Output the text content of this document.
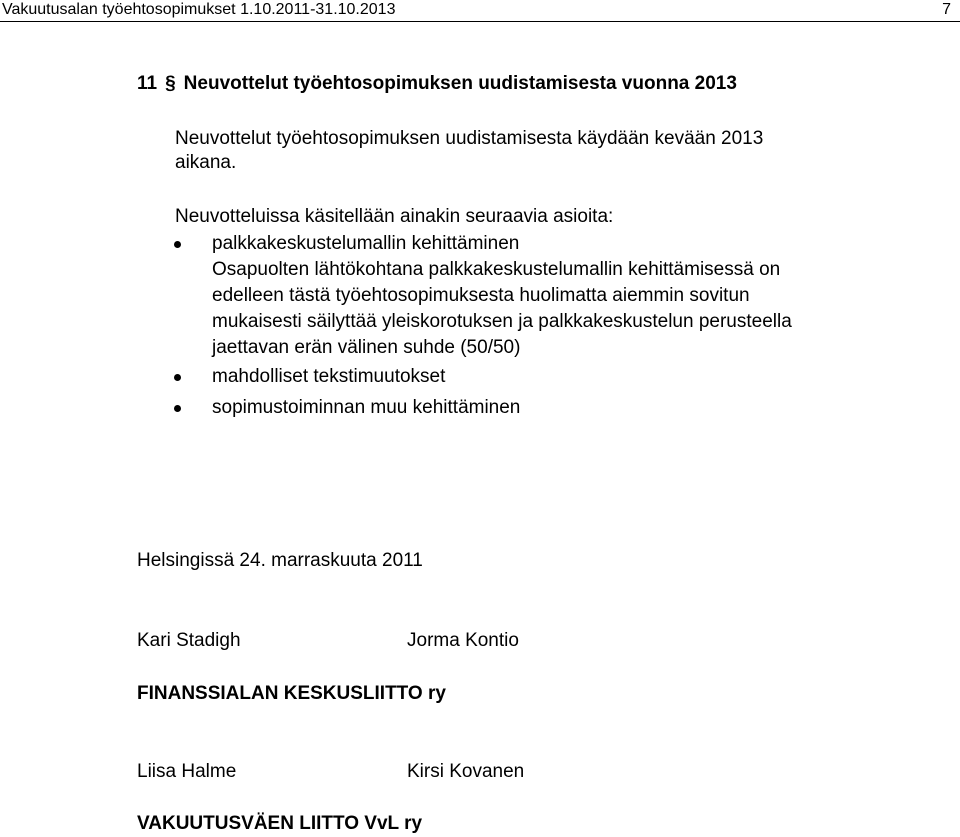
Vakuutusalan työehtosopimukset 1.10.2011-31.10.2013	7
11 § Neuvottelut työehtosopimuksen uudistamisesta vuonna 2013
Neuvottelut työehtosopimuksen uudistamisesta käydään kevään 2013
aikana.
Neuvotteluissa käsitellään ainakin seuraavia asioita:
palkkakeskustelumallin kehittäminen
Osapuolten lähtökohtana palkkakeskustelumallin kehittämisessä on
edelleen tästä työehtosopimuksesta huolimatta aiemmin sovitun
mukaisesti säilyttää yleiskorotuksen ja palkkakeskustelun perusteella
jaettavan erän välinen suhde (50/50)
mahdolliset tekstimuutokset
sopimustoiminnan muu kehittäminen
Helsingissä 24. marraskuuta 2011
Kari Stadigh	Jorma Kontio
FINANSSIALAN KESKUSLIITTO ry
Liisa Halme	Kirsi Kovanen
VAKUUTUSVÄEN LIITTO VvL ry
